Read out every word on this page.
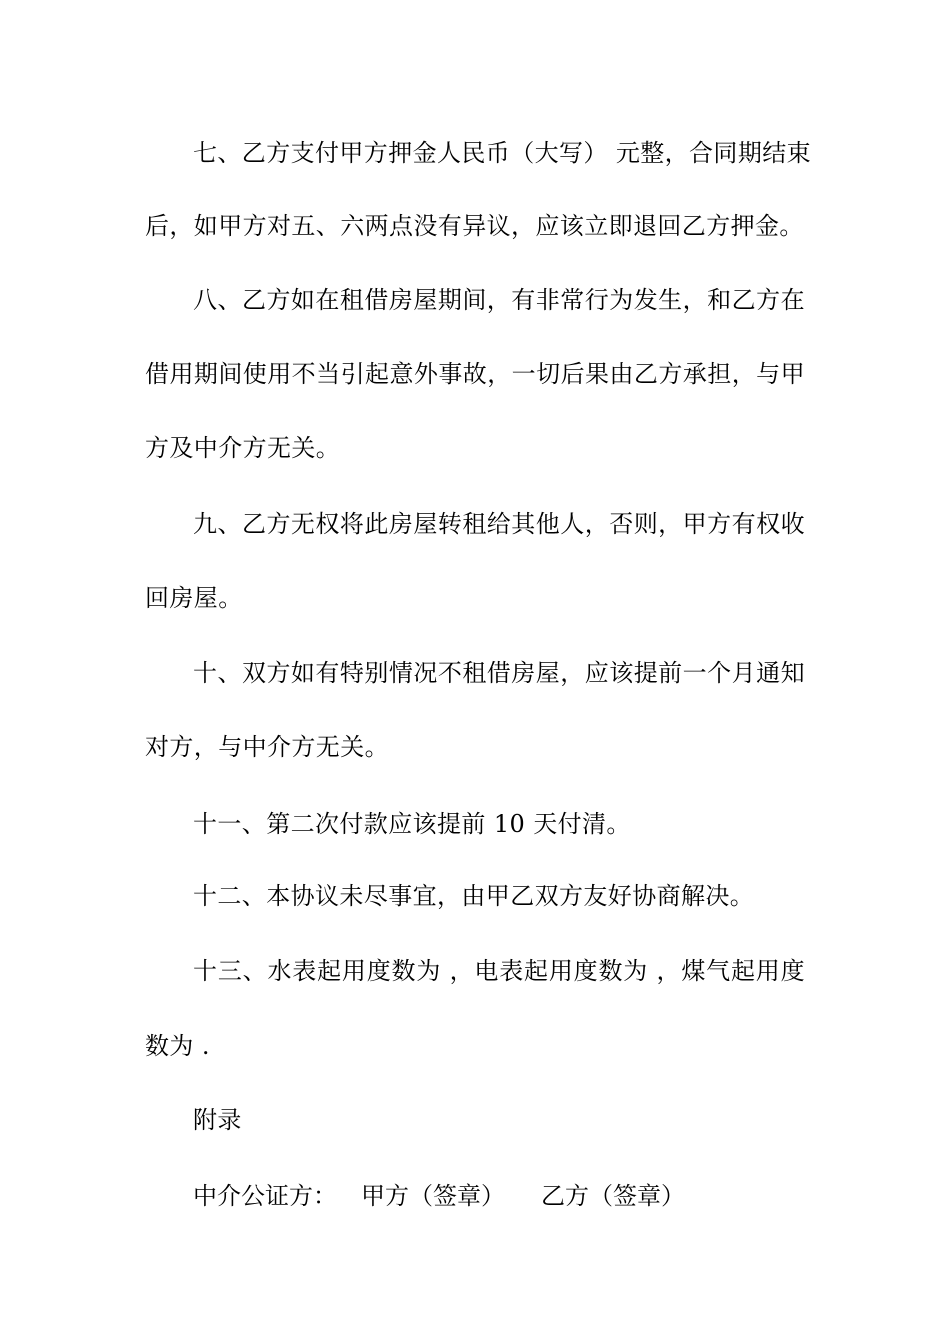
七、乙方支付甲方押金人民币（大写） 元整，合同期结束
后，如甲方对五、六两点没有异议，应该立即退回乙方押金。
八、乙方如在租借房屋期间，有非常行为发生，和乙方在
借用期间使用不当引起意外事故，一切后果由乙方承担，与甲
方及中介方无关。
九、乙方无权将此房屋转租给其他人，否则，甲方有权收
回房屋。
十、双方如有特别情况不租借房屋，应该提前一个月通知
对方，与中介方无关。
十一、第二次付款应该提前 10 天付清。
十二、本协议未尽事宜，由甲乙双方友好协商解决。
十三、水表起用度数为 ，电表起用度数为 ，煤气起用度
数为 .
附录
中介公证方： 甲方（签章） 乙方（签章）
